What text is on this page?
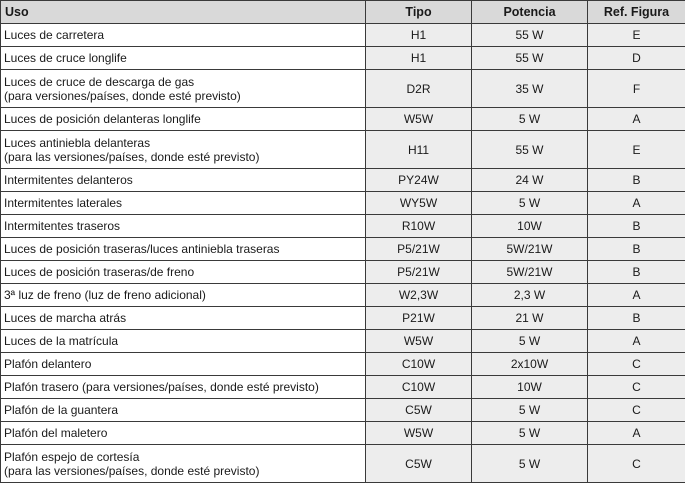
Uso	Tipo	Potencia	Ref. Figura

Luces de carretera	H1	55 W	E

Luces de cruce longlife	H1	55 W	D

Luces de cruce de descarga de gas
(para versiones/países, donde esté previsto)	D2R	35 W	F

Luces de posición delanteras longlife	W5W	5 W	A

Luces antiniebla delanteras
(para las versiones/países, donde esté previsto)	H11	55 W	E

Intermitentes delanteros	PY24W	24 W	B

Intermitentes laterales	WY5W	5 W	A

Intermitentes traseros	R10W	10W	B

Luces de posición traseras/luces antiniebla traseras	P5/21W	5W/21W	B

Luces de posición traseras/de freno	P5/21W	5W/21W	B

3ª luz de freno (luz de freno adicional)	W2,3W	2,3 W	A

Luces de marcha atrás	P21W	21 W	B

Luces de la matrícula	W5W	5 W	A

Plafón delantero	C10W	2x10W	C

Plafón trasero (para versiones/países, donde esté previsto)	C10W	10W	C

Plafón de la guantera	C5W	5 W	C

Plafón del maletero	W5W	5 W	A

Plafón espejo de cortesía
(para las versiones/países, donde esté previsto)	C5W	5 W	C
